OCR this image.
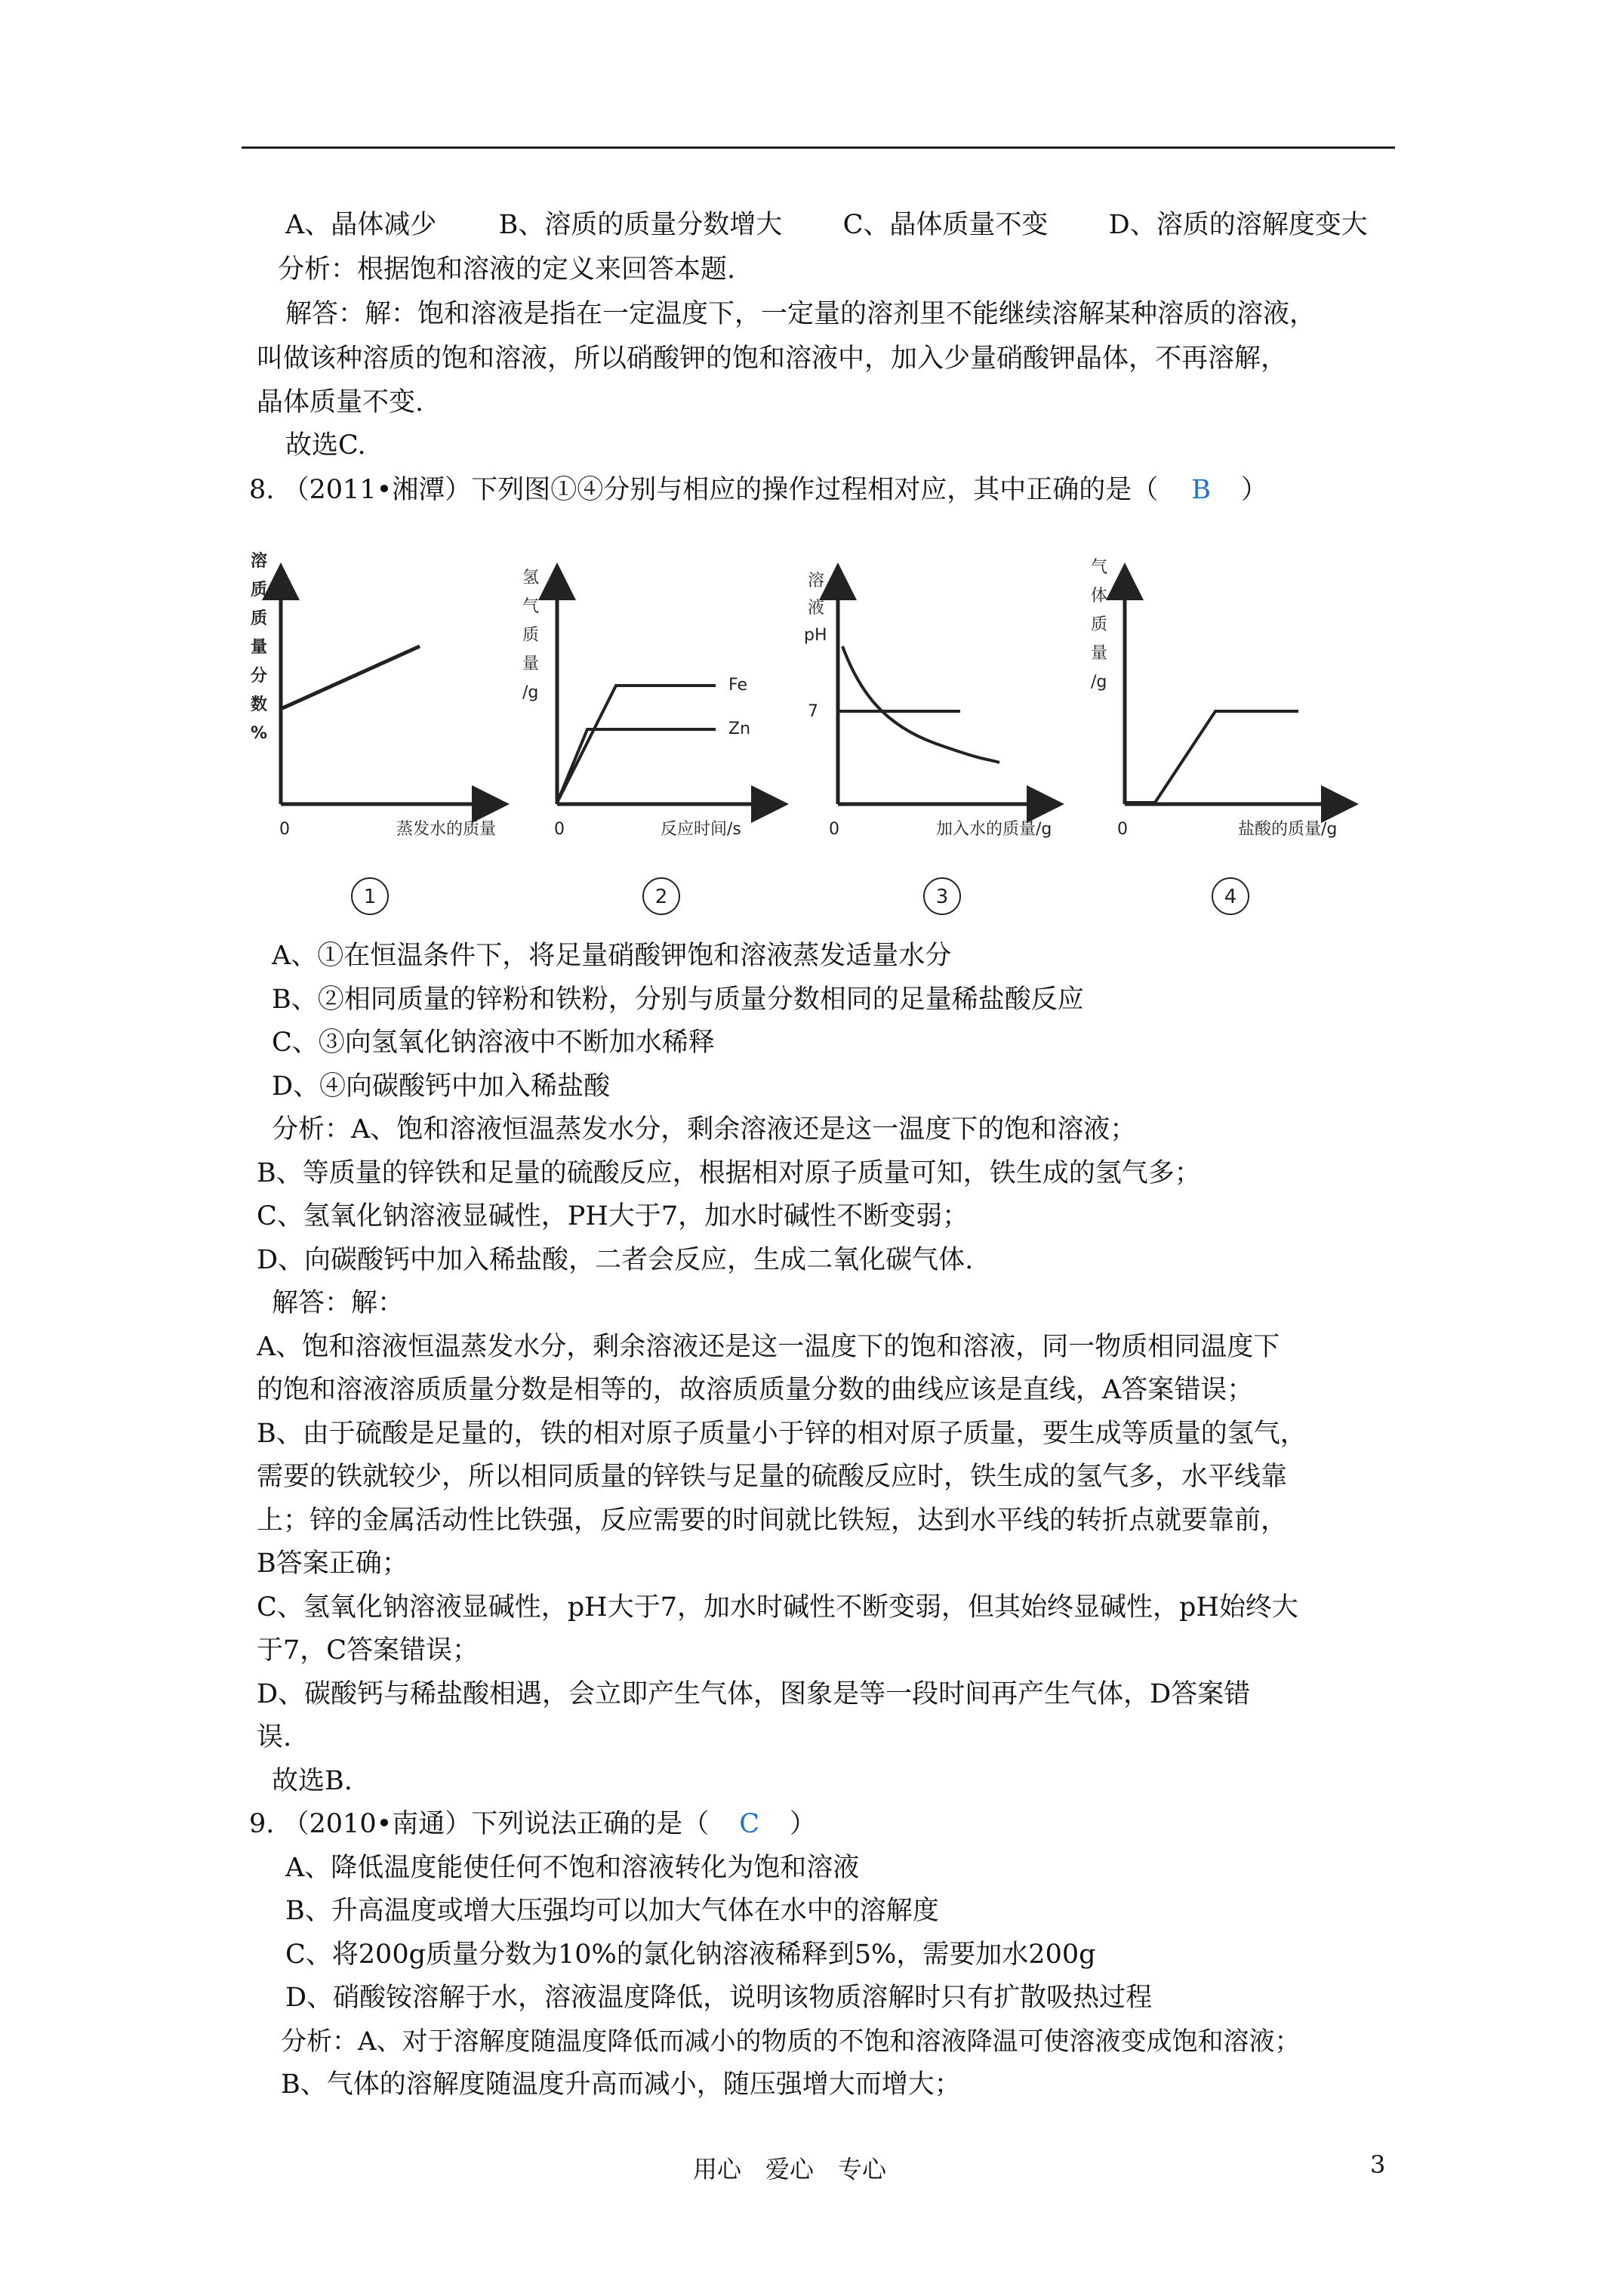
A、晶体减少 B、溶质的质量分数增大 C、晶体质量不变 D、溶质的溶解度变大
分析：根据饱和溶液的定义来回答本题.
解答：解：饱和溶液是指在一定温度下，一定量的溶剂里不能继续溶解某种溶质的溶液，
叫做该种溶质的饱和溶液，所以硝酸钾的饱和溶液中，加入少量硝酸钾晶体，不再溶解，
晶体质量不变.
故选C.
8. （2011•湘潭）下列图①④分别与相应的操作过程相对应，其中正确的是（ B ）
溶
质
质
量
分
数
%
0	蒸发水的质量
1
Fe
Zn
氢
气
质
量
/g
0	反应时间/s
2
溶
液
pH
7
0	加入水的质量/g
3
气
体
质
量
/g
0	盐酸的质量/g
4
A、①在恒温条件下，将足量硝酸钾饱和溶液蒸发适量水分
B、②相同质量的锌粉和铁粉，分别与质量分数相同的足量稀盐酸反应
C、③向氢氧化钠溶液中不断加水稀释
D、④向碳酸钙中加入稀盐酸
分析：A、饱和溶液恒温蒸发水分，剩余溶液还是这一温度下的饱和溶液；
B、等质量的锌铁和足量的硫酸反应，根据相对原子质量可知，铁生成的氢气多；
C、氢氧化钠溶液显碱性，PH大于7，加水时碱性不断变弱；
D、向碳酸钙中加入稀盐酸，二者会反应，生成二氧化碳气体.
解答：解：
A、饱和溶液恒温蒸发水分，剩余溶液还是这一温度下的饱和溶液，同一物质相同温度下
的饱和溶液溶质质量分数是相等的，故溶质质量分数的曲线应该是直线，A答案错误；
B、由于硫酸是足量的，铁的相对原子质量小于锌的相对原子质量，要生成等质量的氢气，
需要的铁就较少，所以相同质量的锌铁与足量的硫酸反应时，铁生成的氢气多，水平线靠
上；锌的金属活动性比铁强，反应需要的时间就比铁短，达到水平线的转折点就要靠前，
B答案正确；
C、氢氧化钠溶液显碱性，pH大于7，加水时碱性不断变弱，但其始终显碱性，pH始终大
于7，C答案错误；
D、碳酸钙与稀盐酸相遇，会立即产生气体，图象是等一段时间再产生气体，D答案错
误.
故选B.
9. （2010•南通）下列说法正确的是（ C ）
A、降低温度能使任何不饱和溶液转化为饱和溶液
B、升高温度或增大压强均可以加大气体在水中的溶解度
C、将200g质量分数为10%的氯化钠溶液稀释到5%，需要加水200g
D、硝酸铵溶解于水，溶液温度降低，说明该物质溶解时只有扩散吸热过程
分析：A、对于溶解度随温度降低而减小的物质的不饱和溶液降温可使溶液变成饱和溶液；
B、气体的溶解度随温度升高而减小，随压强增大而增大；
用心　爱心　专心	3
